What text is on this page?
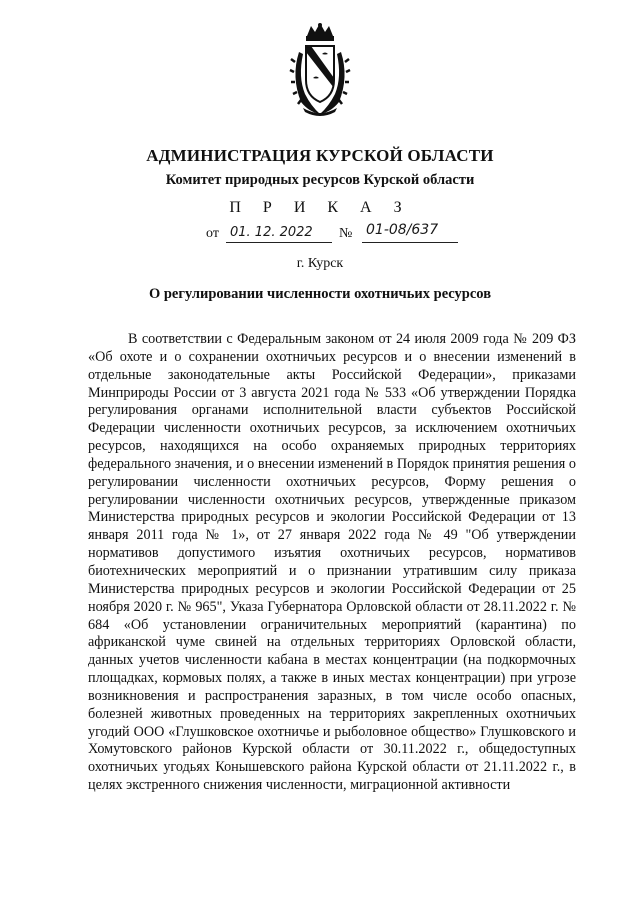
АДМИНИСТРАЦИЯ КУРСКОЙ ОБЛАСТИ
Комитет природных ресурсов Курской области
П Р И К А З
от 01. 12. 2022 № 01-08/637
г. Курск
О регулировании численности охотничьих ресурсов

В соответствии с Федеральным законом от 24 июля 2009 года № 209 ФЗ «Об охоте и о сохранении охотничьих ресурсов и о внесении изменений в отдельные законодательные акты Российской Федерации», приказами Минприроды России от 3 августа 2021 года № 533 «Об утверждении Порядка регулирования органами исполнительной власти субъектов Российской Федерации численности охотничьих ресурсов, за исключением охотничьих ресурсов, находящихся на особо охраняемых природных территориях федерального значения, и о внесении изменений в Порядок принятия решения о регулировании численности охотничьих ресурсов, Форму решения о регулировании численности охотничьих ресурсов, утвержденные приказом Министерства природных ресурсов и экологии Российской Федерации от 13 января 2011 года № 1», от 27 января 2022 года № 49 "Об утверждении нормативов допустимого изъятия охотничьих ресурсов, нормативов биотехнических мероприятий и о признании утратившим силу приказа Министерства природных ресурсов и экологии Российской Федерации от 25 ноября 2020 г. № 965", Указа Губернатора Орловской области от 28.11.2022 г. № 684 «Об установлении ограничительных мероприятий (карантина) по африканской чуме свиней на отдельных территориях Орловской области, данных учетов численности кабана в местах концентрации (на подкормочных площадках, кормовых полях, а также в иных местах концентрации) при угрозе возникновения и распространения заразных, в том числе особо опасных, болезней животных проведенных на территориях закрепленных охотничьих угодий ООО «Глушковское охотничье и рыболовное общество» Глушковского и Хомутовского районов Курской области от 30.11.2022 г., общедоступных охотничьих угодьях Конышевского района Курской области от 21.11.2022 г., в целях экстренного снижения численности, миграционной активности
